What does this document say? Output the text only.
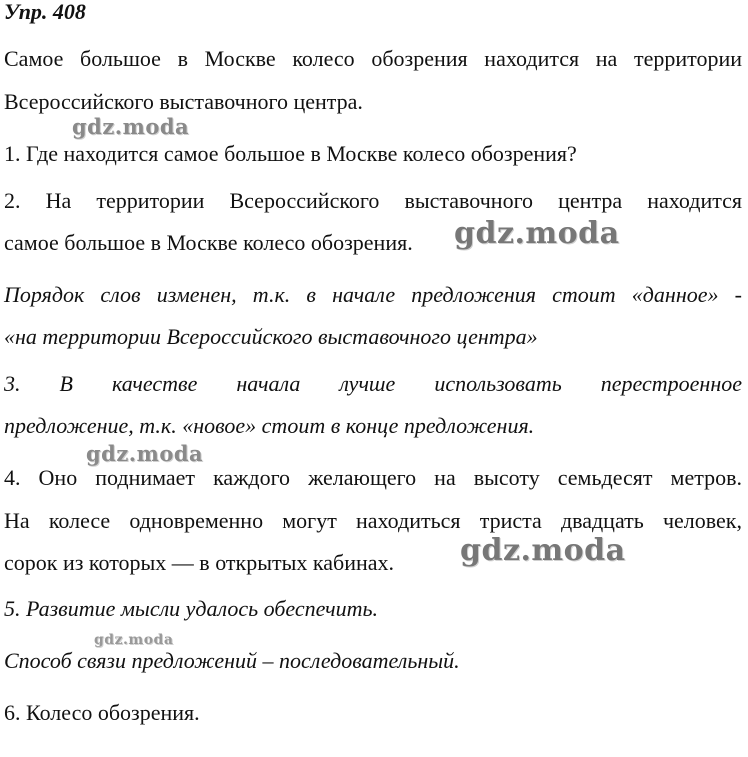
Упр. 408
Самое большое в Москве колесо обозрения находится на территории
Всероссийского выставочного центра.
1. Где находится самое большое в Москве колесо обозрения?
2. На территории Всероссийского выставочного центра находится
самое большое в Москве колесо обозрения.
Порядок слов изменен, т.к. в начале предложения стоит «данное» -
«на территории Всероссийского выставочного центра»
3. В качестве начала лучше использовать перестроенное
предложение, т.к. «новое» стоит в конце предложения.
4. Оно поднимает каждого желающего на высоту семьдесят метров.
На колесе одновременно могут находиться триста двадцать человек,
сорок из которых — в открытых кабинах.
5. Развитие мысли удалось обеспечить.
Способ связи предложений – последовательный.
6. Колесо обозрения.
gdz.moda
gdz.moda
gdz.moda
gdz.moda
gdz.moda
